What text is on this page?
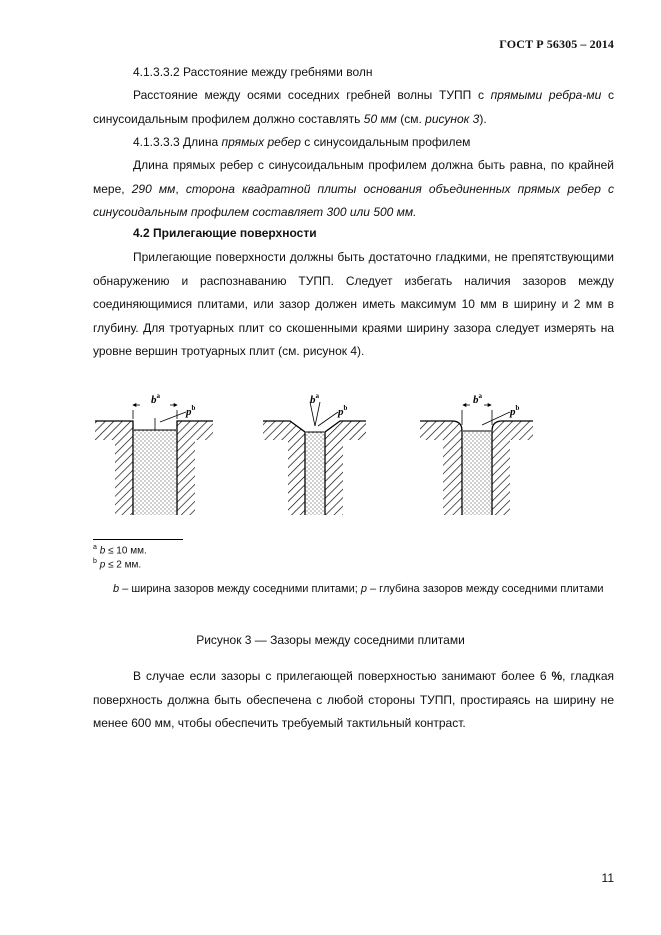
ГОСТ Р 56305 – 2014

4.1.3.3.2 Расстояние между гребнями волн

Расстояние между осями соседних гребней волны ТУПП с прямыми ребра-ми с синусоидальным профилем должно составлять 50 мм (см. рисунок 3).

4.1.3.3.3 Длина прямых ребер с синусоидальным профилем

Длина прямых ребер с синусоидальным профилем должна быть равна, по крайней мере, 290 мм, сторона квадратной плиты основания объединенных прямых ребер с синусоидальным профилем составляет 300 или 500 мм.

4.2 Прилегающие поверхности

Прилегающие поверхности должны быть достаточно гладкими, не препятствующими обнаружению и распознаванию ТУПП. Следует избегать наличия зазоров между соединяющимися плитами, или зазор должен иметь максимум 10 мм в ширину и 2 мм в глубину. Для тротуарных плит со скошенными краями ширину зазора следует измерять на уровне вершин тротуарных плит (см. рисунок 4).

$b^a$
$p^b$
$b^a$
$p^b$
$b^a$
$p^b$
$^a$ b ≤ 10 мм.
$^b$ p ≤ 2 мм.
b – ширина зазоров между соседними плитами; p – глубина зазоров между соседними плитами
Рисунок 3 — Зазоры между соседними плитами

В случае если зазоры с прилегающей поверхностью занимают более 6 %, гладкая поверхность должна быть обеспечена с любой стороны ТУПП, простираясь на ширину не менее 600 мм, чтобы обеспечить требуемый тактильный контраст.

11
